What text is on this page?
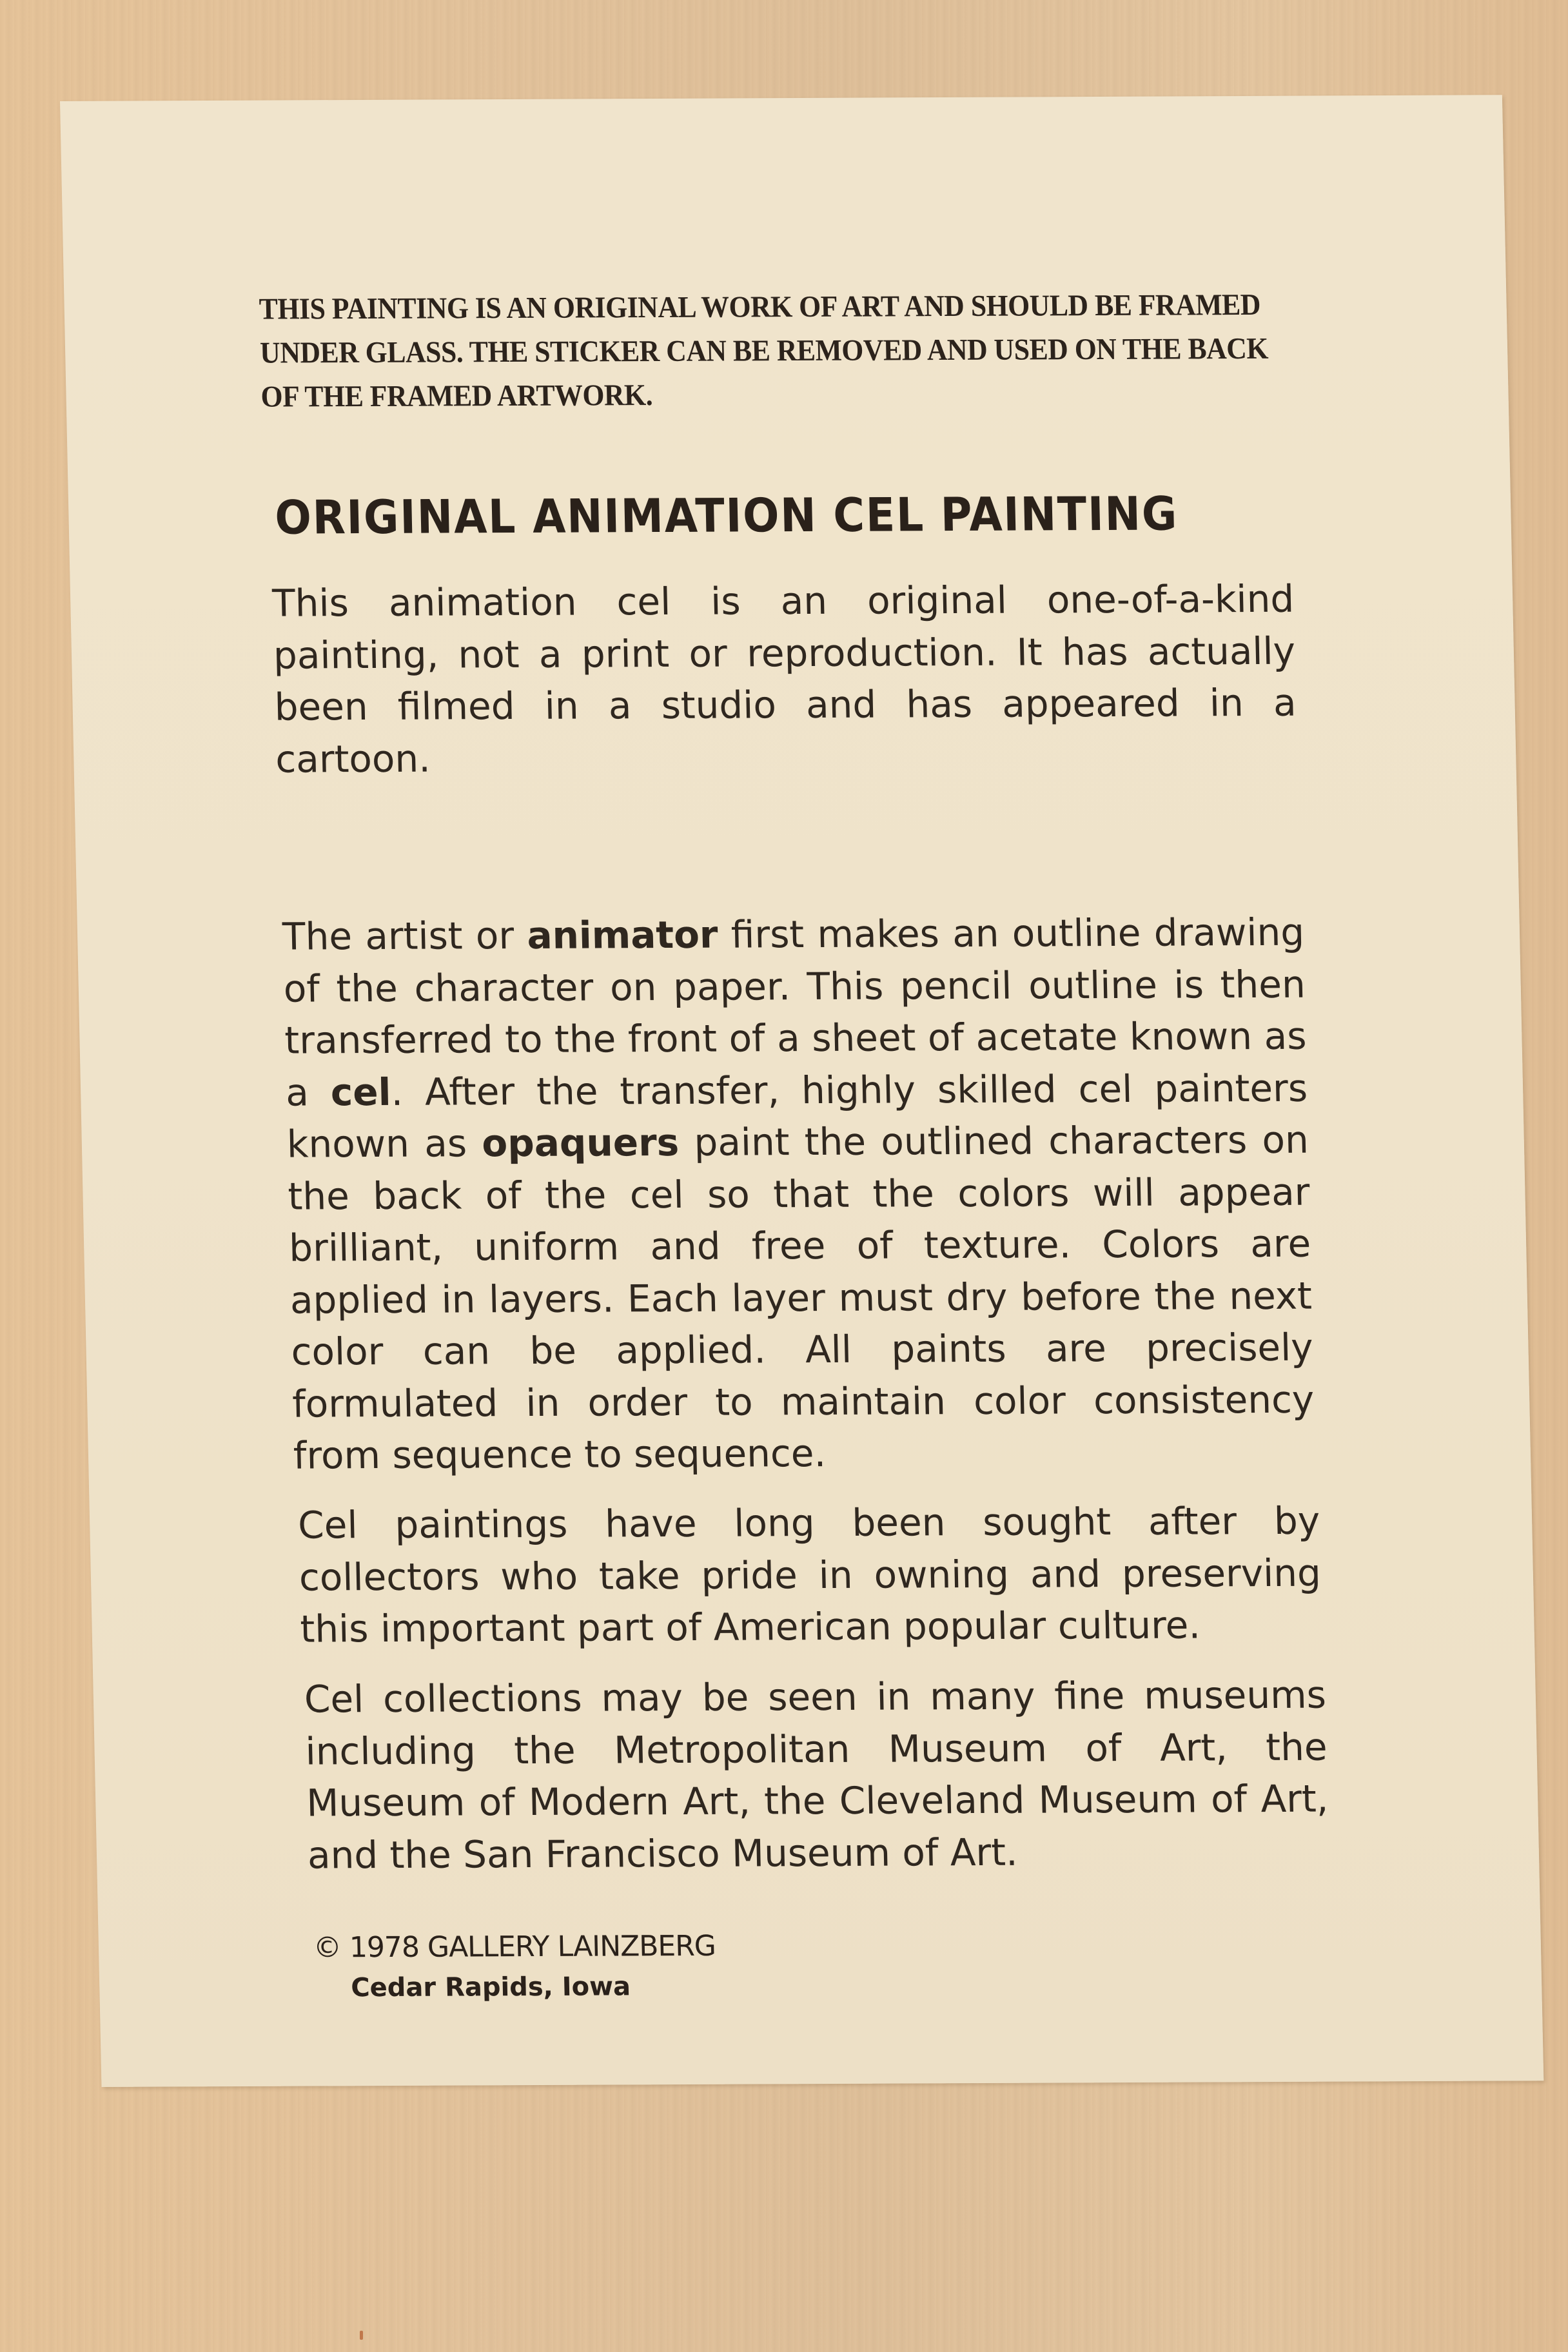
THIS PAINTING IS AN ORIGINAL WORK OF ART AND SHOULD BE FRAMED UNDER GLASS. THE STICKER CAN BE REMOVED AND USED ON THE BACK OF THE FRAMED ARTWORK.

ORIGINAL ANIMATION CEL PAINTING

This animation cel is an original one-of-a-kind painting, not a print or reproduction. It has actually been filmed in a studio and has appeared in a cartoon.

The artist or animator first makes an outline drawing of the character on paper. This pencil outline is then transferred to the front of a sheet of acetate known as a cel. After the transfer, highly skilled cel painters known as opaquers paint the outlined characters on the back of the cel so that the colors will appear brilliant, uniform and free of texture. Colors are applied in layers. Each layer must dry before the next color can be applied. All paints are precisely formulated in order to maintain color consistency from sequence to sequence.

Cel paintings have long been sought after by collectors who take pride in owning and preserving this important part of American popular culture.

Cel collections may be seen in many fine museums including the Metropolitan Museum of Art, the Museum of Modern Art, the Cleveland Museum of Art, and the San Francisco Museum of Art.

© 1978 GALLERY LAINZBERG

Cedar Rapids, Iowa
